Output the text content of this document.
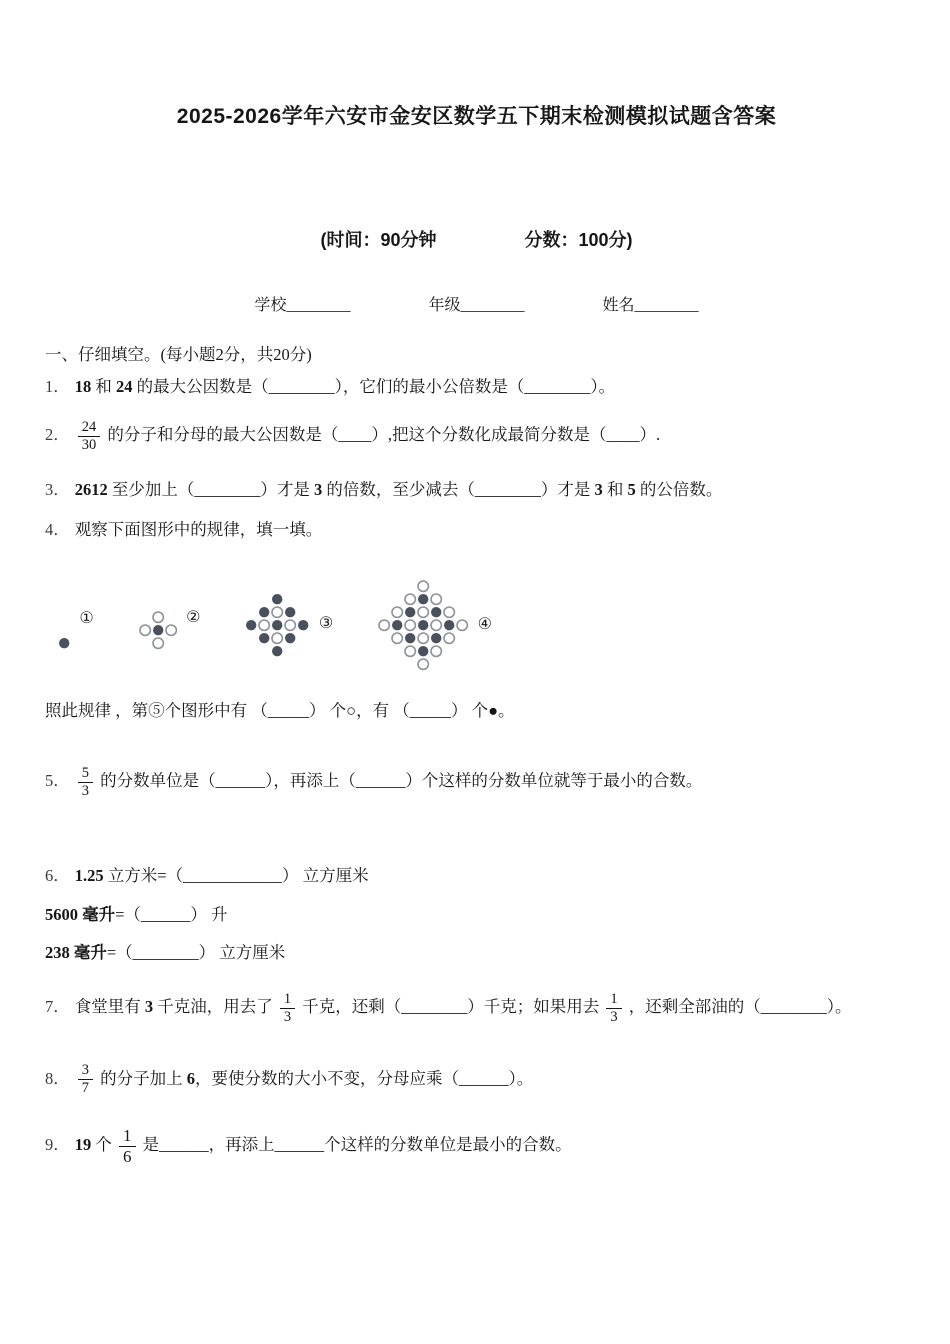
2025-2026学年六安市金安区数学五下期末检测模拟试题含答案
(时间：90分钟	分数：100分)
学校________	年级________	姓名________
一、仔细填空。(每小题2分，共20分)
1． 18 和 24 的最大公因数是（________），它们的最小公倍数是（________）。
2． $\frac{24}{30}$ 的分子和分母的最大公因数是（____）,把这个分数化成最简分数是（____）.
3． 2612 至少加上（________）才是 3 的倍数，至少减去（________）才是 3 和 5 的公倍数。
4． 观察下面图形中的规律，填一填。
①	②	③	④
照此规律 ，第⑤个图形中有 （_____） 个○，有 （_____） 个●。
5． $\frac{5}{3}$ 的分数单位是（______），再添上（______）个这样的分数单位就等于最小的合数。
6． 1.25 立方米=（____________） 立方厘米
5600 毫升=（______） 升
238 毫升=（________） 立方厘米
7． 食堂里有 3 千克油，用去了 $\frac{1}{3}$ 千克，还剩（________）千克；如果用去 $\frac{1}{3}$ ，还剩全部油的（________）。
8． $\frac{3}{7}$ 的分子加上 6，要使分数的大小不变，分母应乘（______）。
9． 19 个 $\frac{1}{6}$ 是______，再添上______个这样的分数单位是最小的合数。
